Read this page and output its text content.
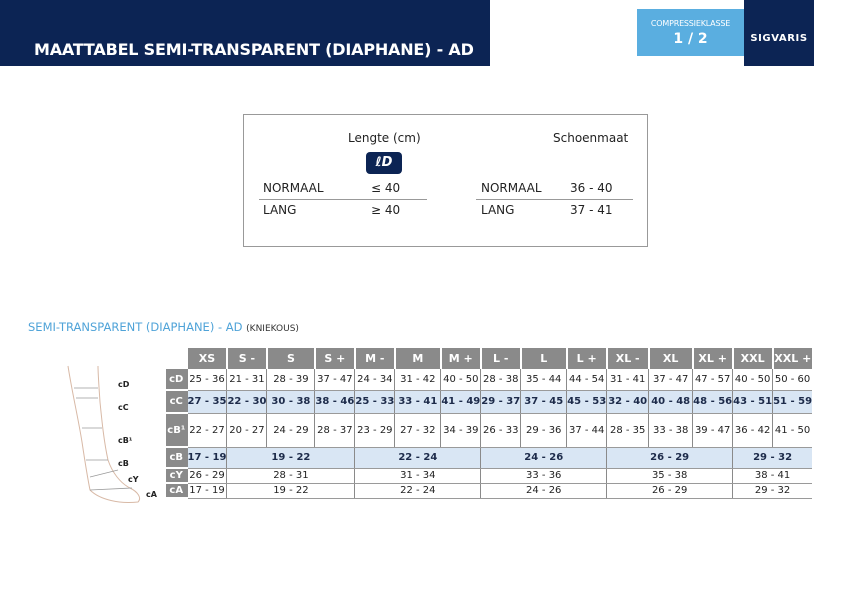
MAATTABEL SEMI-TRANSPARENT (DIAPHANE) - AD
COMPRESSIEKLASSE
1 / 2	SIGVARIS
Lengte (cm)	Schoenmaat
ℓD
NORMAAL	≤ 40
LANG	≥ 40
NORMAAL 36 - 40
LANG	37 - 41
SEMI-TRANSPARENT (DIAPHANE) - AD (KNIEKOUS)
cD
cC
cB¹
cB
cY
cA
	XS	S -	S	S +	M -	M	M +	L -	L	L +	XL -	XL	XL +	XXL	XXL +
cD	25 - 36	21 - 31	28 - 39	37 - 47	24 - 34	31 - 42	40 - 50	28 - 38	35 - 44	44 - 54	31 - 41	37 - 47	47 - 57	40 - 50	50 - 60
cC	27 - 35	22 - 30	30 - 38	38 - 46	25 - 33	33 - 41	41 - 49	29 - 37	37 - 45	45 - 53	32 - 40	40 - 48	48 - 56	43 - 51	51 - 59
cB¹	22 - 27	20 - 27	24 - 29	28 - 37	23 - 29	27 - 32	34 - 39	26 - 33	29 - 36	37 - 44	28 - 35	33 - 38	39 - 47	36 - 42	41 - 50
cB	17 - 19	19 - 22			22 - 24			24 - 26			26 - 29			29 - 32	
cY	26 - 29	28 - 31			31 - 34			33 - 36			35 - 38			38 - 41	
cA	17 - 19	19 - 22			22 - 24			24 - 26			26 - 29			29 - 32	
